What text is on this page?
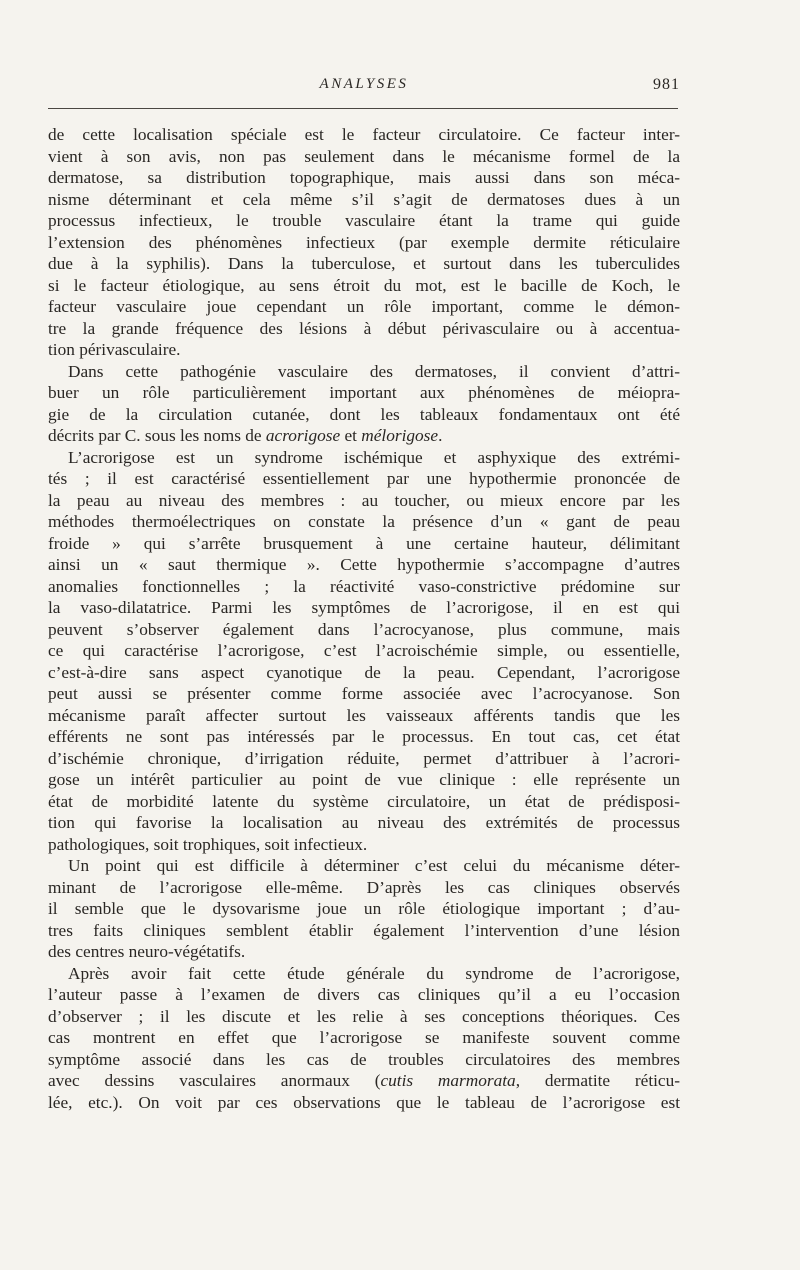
ANALYSES	981
de cette localisation spéciale est le facteur circulatoire. Ce facteur inter-
vient à son avis, non pas seulement dans le mécanisme formel de la
dermatose, sa distribution topographique, mais aussi dans son méca-
nisme déterminant et cela même s’il s’agit de dermatoses dues à un
processus infectieux, le trouble vasculaire étant la trame qui guide
l’extension des phénomènes infectieux (par exemple dermite réticulaire
due à la syphilis). Dans la tuberculose, et surtout dans les tuberculides
si le facteur étiologique, au sens étroit du mot, est le bacille de Koch, le
facteur vasculaire joue cependant un rôle important, comme le démon-
tre la grande fréquence des lésions à début périvasculaire ou à accentua-
tion périvasculaire.
Dans cette pathogénie vasculaire des dermatoses, il convient d’attri-
buer un rôle particulièrement important aux phénomènes de méiopra-
gie de la circulation cutanée, dont les tableaux fondamentaux ont été
décrits par C. sous les noms de acrorigose et mélorigose.
L’acrorigose est un syndrome ischémique et asphyxique des extrémi-
tés ; il est caractérisé essentiellement par une hypothermie prononcée de
la peau au niveau des membres : au toucher, ou mieux encore par les
méthodes thermoélectriques on constate la présence d’un « gant de peau
froide » qui s’arrête brusquement à une certaine hauteur, délimitant
ainsi un « saut thermique ». Cette hypothermie s’accompagne d’autres
anomalies fonctionnelles ; la réactivité vaso-constrictive prédomine sur
la vaso-dilatatrice. Parmi les symptômes de l’acrorigose, il en est qui
peuvent s’observer également dans l’acrocyanose, plus commune, mais
ce qui caractérise l’acrorigose, c’est l’acroischémie simple, ou essentielle,
c’est-à-dire sans aspect cyanotique de la peau. Cependant, l’acrorigose
peut aussi se présenter comme forme associée avec l’acrocyanose. Son
mécanisme paraît affecter surtout les vaisseaux afférents tandis que les
efférents ne sont pas intéressés par le processus. En tout cas, cet état
d’ischémie chronique, d’irrigation réduite, permet d’attribuer à l’acrori-
gose un intérêt particulier au point de vue clinique : elle représente un
état de morbidité latente du système circulatoire, un état de prédisposi-
tion qui favorise la localisation au niveau des extrémités de processus
pathologiques, soit trophiques, soit infectieux.
Un point qui est difficile à déterminer c’est celui du mécanisme déter-
minant de l’acrorigose elle-même. D’après les cas cliniques observés
il semble que le dysovarisme joue un rôle étiologique important ; d’au-
tres faits cliniques semblent établir également l’intervention d’une lésion
des centres neuro-végétatifs.
Après avoir fait cette étude générale du syndrome de l’acrorigose,
l’auteur passe à l’examen de divers cas cliniques qu’il a eu l’occasion
d’observer ; il les discute et les relie à ses conceptions théoriques. Ces
cas montrent en effet que l’acrorigose se manifeste souvent comme
symptôme associé dans les cas de troubles circulatoires des membres
avec dessins vasculaires anormaux (cutis marmorata, dermatite réticu-
lée, etc.). On voit par ces observations que le tableau de l’acrorigose est
